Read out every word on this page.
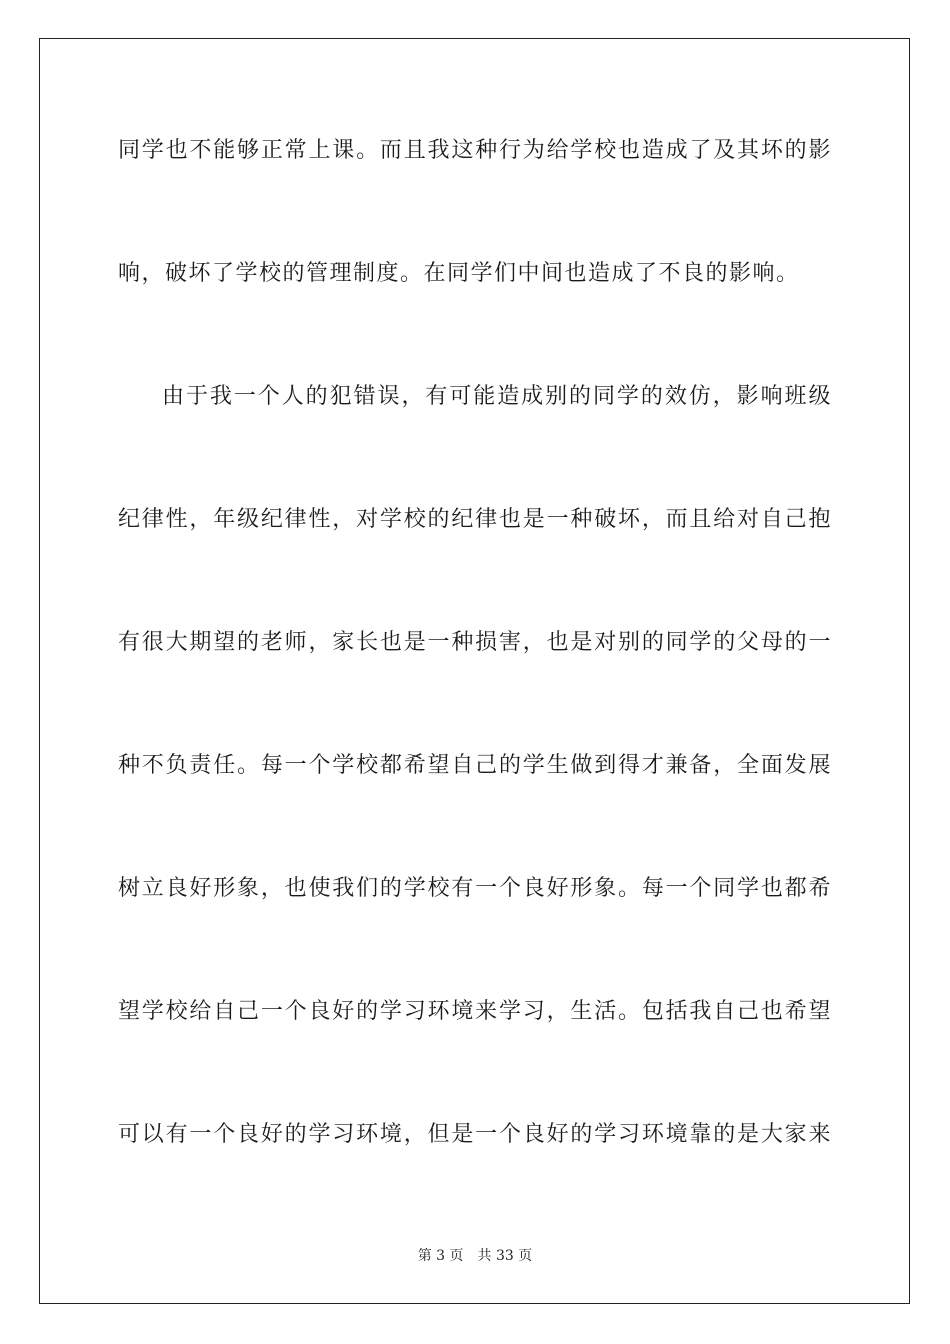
同学也不能够正常上课。而且我这种行为给学校也造成了及其坏的影
响，破坏了学校的管理制度。在同学们中间也造成了不良的影响。
由于我一个人的犯错误，有可能造成别的同学的效仿，影响班级
纪律性，年级纪律性，对学校的纪律也是一种破坏，而且给对自己抱
有很大期望的老师，家长也是一种损害，也是对别的同学的父母的一
种不负责任。每一个学校都希望自己的学生做到得才兼备，全面发展
树立良好形象，也使我们的学校有一个良好形象。每一个同学也都希
望学校给自己一个良好的学习环境来学习，生活。包括我自己也希望
可以有一个良好的学习环境，但是一个良好的学习环境靠的是大家来
第 3 页 共 33 页
